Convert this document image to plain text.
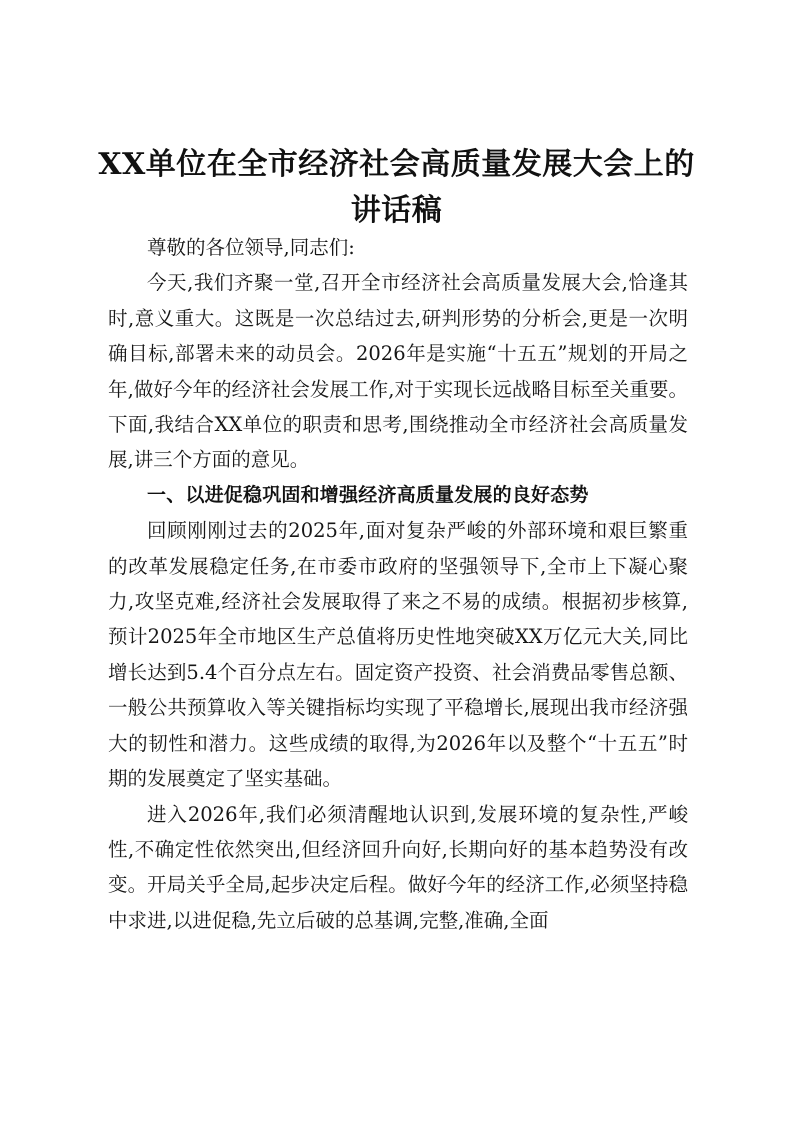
XX单位在全市经济社会高质量发展大会上的
讲话稿

尊敬的各位领导,同志们:

今天,我们齐聚一堂,召开全市经济社会高质量发展大会,恰逢其时,意义重大。这既是一次总结过去,研判形势的分析会,更是一次明确目标,部署未来的动员会。2026年是实施“十五五”规划的开局之年,做好今年的经济社会发展工作,对于实现长远战略目标至关重要。下面,我结合XX单位的职责和思考,围绕推动全市经济社会高质量发展,讲三个方面的意见。

一、以进促稳巩固和增强经济高质量发展的良好态势

回顾刚刚过去的2025年,面对复杂严峻的外部环境和艰巨繁重的改革发展稳定任务,在市委市政府的坚强领导下,全市上下凝心聚力,攻坚克难,经济社会发展取得了来之不易的成绩。根据初步核算,预计2025年全市地区生产总值将历史性地突破XX万亿元大关,同比增长达到5.4个百分点左右。固定资产投资、社会消费品零售总额、一般公共预算收入等关键指标均实现了平稳增长,展现出我市经济强大的韧性和潜力。这些成绩的取得,为2026年以及整个“十五五”时期的发展奠定了坚实基础。

进入2026年,我们必须清醒地认识到,发展环境的复杂性,严峻性,不确定性依然突出,但经济回升向好,长期向好的基本趋势没有改变。开局关乎全局,起步决定后程。做好今年的经济工作,必须坚持稳中求进,以进促稳,先立后破的总基调,完整,准确,全面
